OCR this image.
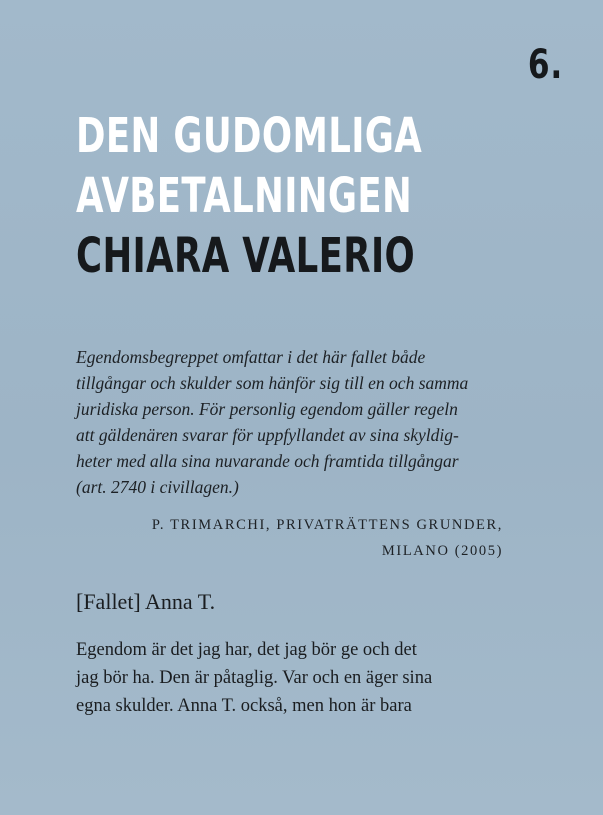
6.
DEN GUDOMLIGA
AVBETALNINGEN
CHIARA VALERIO

Egendomsbegreppet omfattar i det här fallet både
tillgångar och skulder som hänför sig till en och samma
juridiska person. För personlig egendom gäller regeln
att gäldenären svarar för uppfyllandet av sina skyldig-
heter med alla sina nuvarande och framtida tillgångar
(art. 2740 i civillagen.)

P. TRIMARCHI, PRIVATRÄTTENS GRUNDER,
MILANO (2005)
[Fallet] Anna T.

Egendom är det jag har, det jag bör ge och det
jag bör ha. Den är påtaglig. Var och en äger sina
egna skulder. Anna T. också, men hon är bara
